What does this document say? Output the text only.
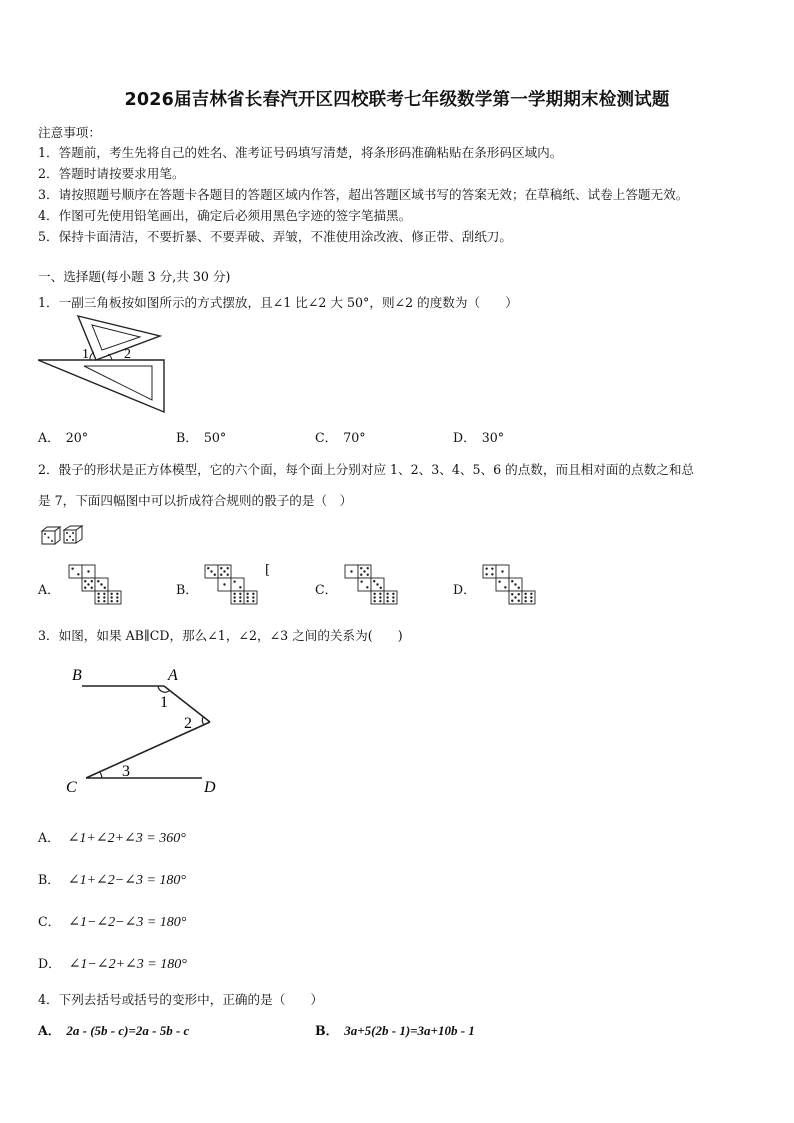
2026届吉林省长春汽开区四校联考七年级数学第一学期期末检测试题
注意事项：
1．答题前，考生先将自己的姓名、准考证号码填写清楚，将条形码准确粘贴在条形码区域内。
2．答题时请按要求用笔。
3．请按照题号顺序在答题卡各题目的答题区域内作答，超出答题区域书写的答案无效；在草稿纸、试卷上答题无效。
4．作图可先使用铅笔画出，确定后必须用黑色字迹的签字笔描黑。
5．保持卡面清洁，不要折暴、不要弄破、弄皱，不准使用涂改液、修正带、刮纸刀。
一、选择题(每小题 3 分,共 30 分)
1．一副三角板按如图所示的方式摆放，且∠1 比∠2 大 50°，则∠2 的度数为（　　）
1	2
A． 20°	B． 50°	C． 70°	D． 30°
2．骰子的形状是正方体模型，它的六个面，每个面上分别对应 1、2、3、4、5、6 的点数，而且相对面的点数之和总
是 7，下面四幅图中可以折成符合规则的骰子的是（　）
A．	B．	C．	D．
[
3．如图，如果 AB∥CD，那么∠1，∠2，∠3 之间的关系为(　　)
B	A
C	D
1
2
3
A． ∠1+∠2+∠3 = 360°
B． ∠1+∠2−∠3 = 180°
C． ∠1−∠2−∠3 = 180°
D． ∠1−∠2+∠3 = 180°
4．下列去括号或括号的变形中，正确的是（　　）
A． 2a - (5b - c)=2a - 5b - c	B． 3a+5(2b - 1)=3a+10b - 1
